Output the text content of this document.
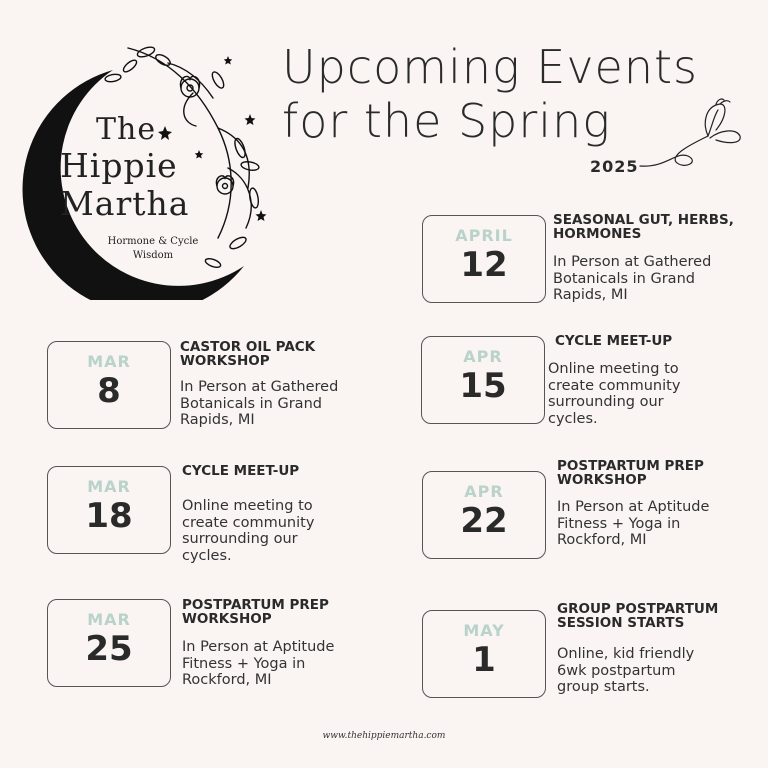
The
Hippie
Martha
Hormone & Cycle
Wisdom
Upcoming Events
for the Spring
2025
MAR
8
CASTOR OIL PACK WORKSHOP
In Person at Gathered Botanicals in Grand Rapids, MI
MAR
18
CYCLE MEET-UP
Online meeting to create community surrounding our cycles.
MAR
25
POSTPARTUM PREP WORKSHOP
In Person at Aptitude Fitness + Yoga in Rockford, MI
APRIL
12
SEASONAL GUT, HERBS, HORMONES
In Person at Gathered Botanicals in Grand Rapids, MI
APR
15
CYCLE MEET-UP
Online meeting to create community surrounding our cycles.
APR
22
POSTPARTUM PREP WORKSHOP
In Person at Aptitude Fitness + Yoga in Rockford, MI
MAY
1
GROUP POSTPARTUM SESSION STARTS
Online, kid friendly 6wk postpartum group starts.
www.thehippiemartha.com
